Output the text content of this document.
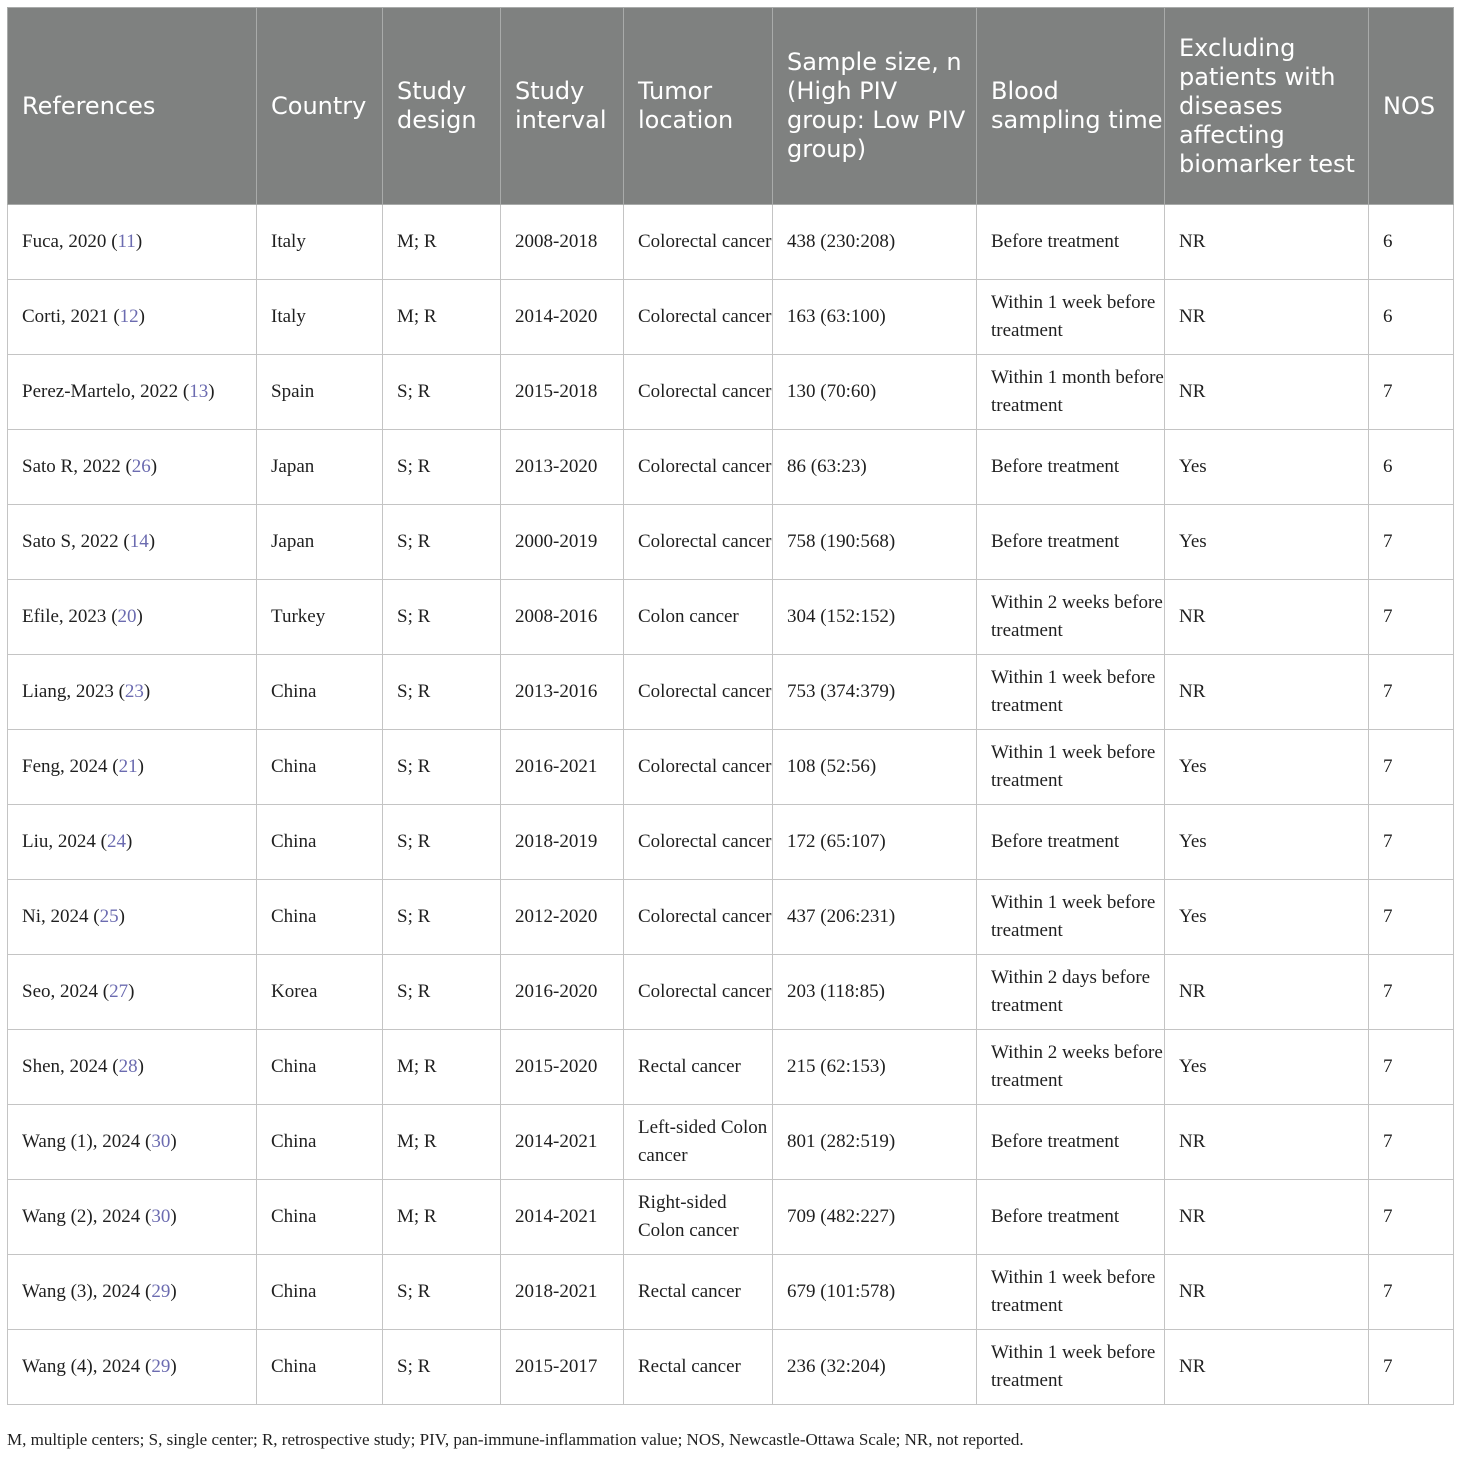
References	Country	Study design	Study interval	Tumor location	Sample size, n (High PIV group: Low PIV group)	Blood sampling time	Excluding patients with diseases affecting biomarker test	NOS
Fuca, 2020 (11)	Italy	M; R	2008-2018	Colorectal cancer	438 (230:208)	Before treatment	NR	6
Corti, 2021 (12)	Italy	M; R	2014-2020	Colorectal cancer	163 (63:100)	Within 1 week before treatment	NR	6
Perez-Martelo, 2022 (13)	Spain	S; R	2015-2018	Colorectal cancer	130 (70:60)	Within 1 month before treatment	NR	7
Sato R, 2022 (26)	Japan	S; R	2013-2020	Colorectal cancer	86 (63:23)	Before treatment	Yes	6
Sato S, 2022 (14)	Japan	S; R	2000-2019	Colorectal cancer	758 (190:568)	Before treatment	Yes	7
Efile, 2023 (20)	Turkey	S; R	2008-2016	Colon cancer	304 (152:152)	Within 2 weeks before treatment	NR	7
Liang, 2023 (23)	China	S; R	2013-2016	Colorectal cancer	753 (374:379)	Within 1 week before treatment	NR	7
Feng, 2024 (21)	China	S; R	2016-2021	Colorectal cancer	108 (52:56)	Within 1 week before treatment	Yes	7
Liu, 2024 (24)	China	S; R	2018-2019	Colorectal cancer	172 (65:107)	Before treatment	Yes	7
Ni, 2024 (25)	China	S; R	2012-2020	Colorectal cancer	437 (206:231)	Within 1 week before treatment	Yes	7
Seo, 2024 (27)	Korea	S; R	2016-2020	Colorectal cancer	203 (118:85)	Within 2 days before treatment	NR	7
Shen, 2024 (28)	China	M; R	2015-2020	Rectal cancer	215 (62:153)	Within 2 weeks before treatment	Yes	7
Wang (1), 2024 (30)	China	M; R	2014-2021	Left-sided Colon cancer	801 (282:519)	Before treatment	NR	7
Wang (2), 2024 (30)	China	M; R	2014-2021	Right-sided Colon cancer	709 (482:227)	Before treatment	NR	7
Wang (3), 2024 (29)	China	S; R	2018-2021	Rectal cancer	679 (101:578)	Within 1 week before treatment	NR	7
Wang (4), 2024 (29)	China	S; R	2015-2017	Rectal cancer	236 (32:204)	Within 1 week before treatment	NR	7

M, multiple centers; S, single center; R, retrospective study; PIV, pan-immune-inflammation value; NOS, Newcastle-Ottawa Scale; NR, not reported.
